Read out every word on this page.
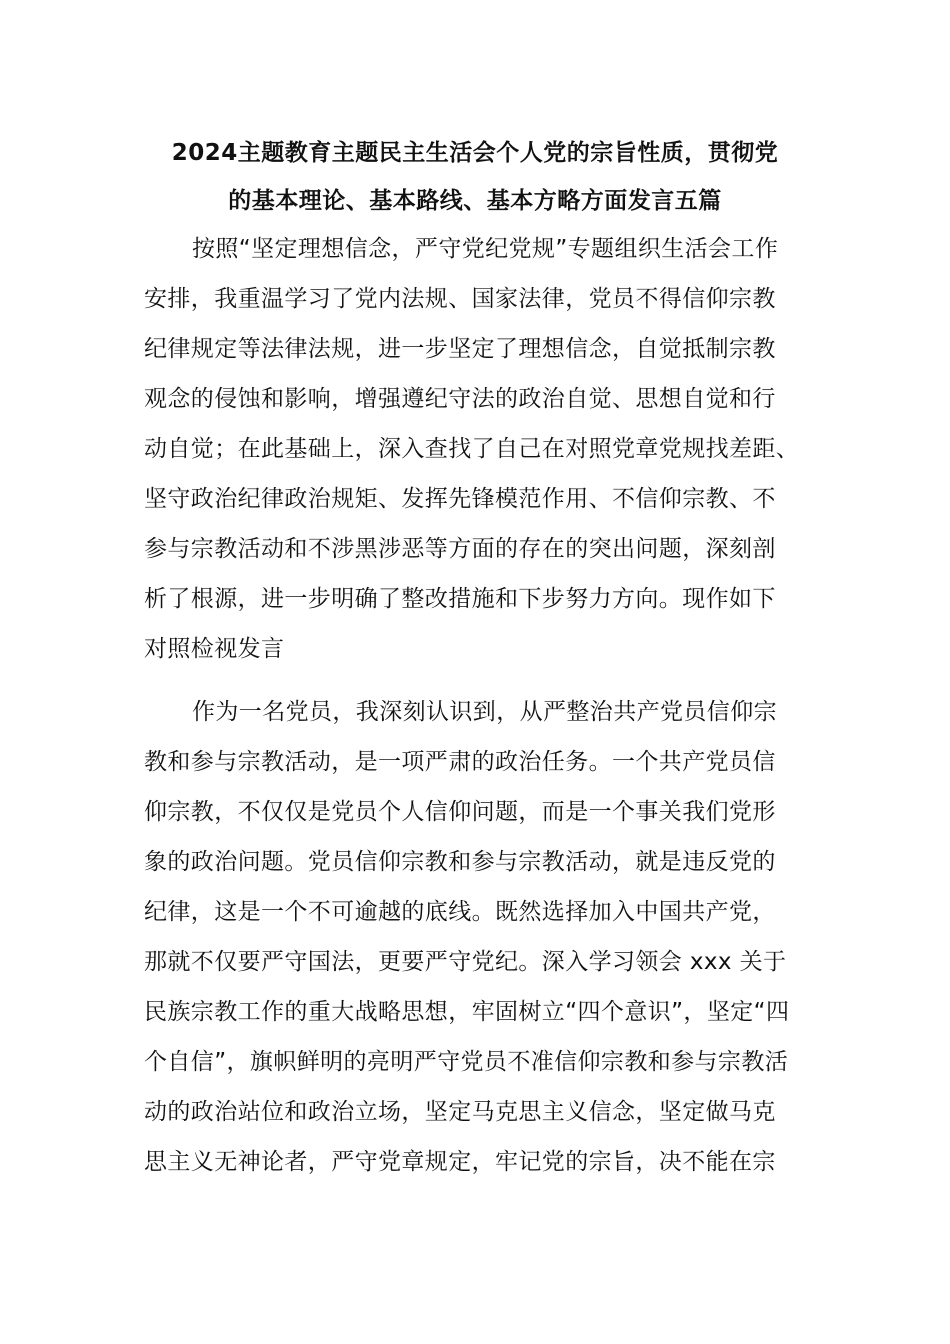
2024主题教育主题民主生活会个人党的宗旨性质，贯彻党
的基本理论、基本路线、基本方略方面发言五篇
按照“坚定理想信念，严守党纪党规”专题组织生活会工作
安排，我重温学习了党内法规、国家法律，党员不得信仰宗教
纪律规定等法律法规，进一步坚定了理想信念，自觉抵制宗教
观念的侵蚀和影响，增强遵纪守法的政治自觉、思想自觉和行
动自觉；在此基础上，深入查找了自己在对照党章党规找差距、
坚守政治纪律政治规矩、发挥先锋模范作用、不信仰宗教、不
参与宗教活动和不涉黑涉恶等方面的存在的突出问题，深刻剖
析了根源，进一步明确了整改措施和下步努力方向。现作如下
对照检视发言
作为一名党员，我深刻认识到，从严整治共产党员信仰宗
教和参与宗教活动，是一项严肃的政治任务。一个共产党员信
仰宗教，不仅仅是党员个人信仰问题，而是一个事关我们党形
象的政治问题。党员信仰宗教和参与宗教活动，就是违反党的
纪律，这是一个不可逾越的底线。既然选择加入中国共产党，
那就不仅要严守国法，更要严守党纪。深入学习领会 xxx 关于
民族宗教工作的重大战略思想，牢固树立“四个意识”，坚定“四
个自信”，旗帜鲜明的亮明严守党员不准信仰宗教和参与宗教活
动的政治站位和政治立场，坚定马克思主义信念，坚定做马克
思主义无神论者，严守党章规定，牢记党的宗旨，决不能在宗
